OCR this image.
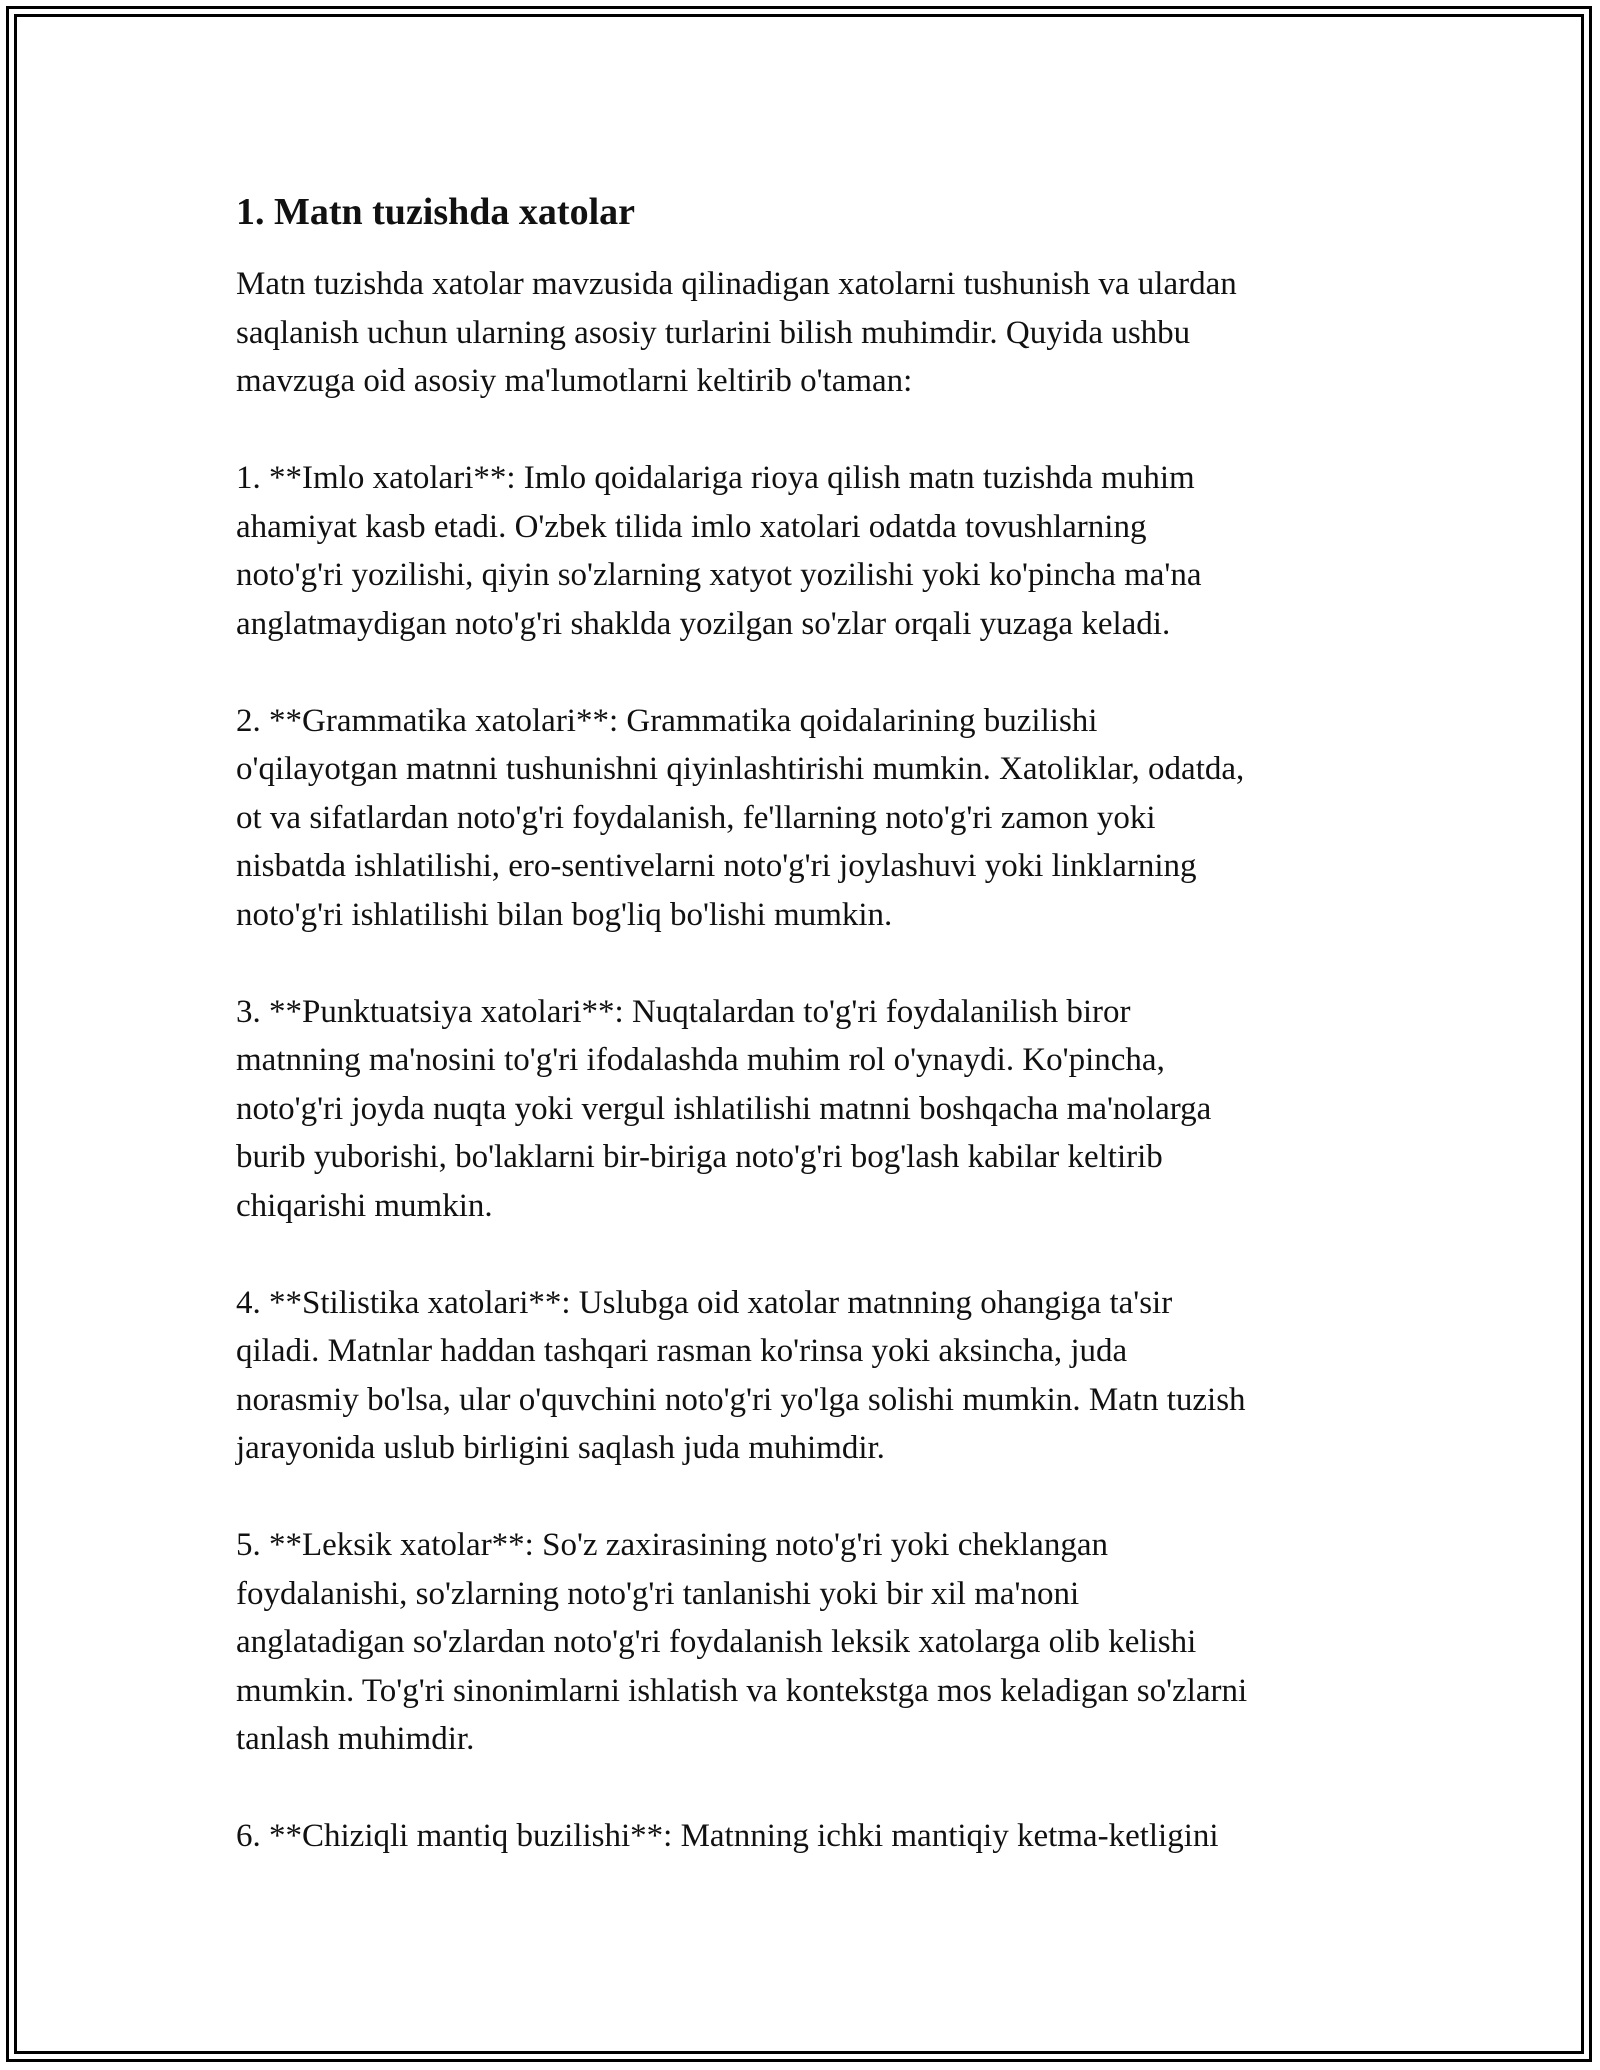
1. Matn tuzishda xatolar

Matn tuzishda xatolar mavzusida qilinadigan xatolarni tushunish va ulardan
saqlanish uchun ularning asosiy turlarini bilish muhimdir. Quyida ushbu
mavzuga oid asosiy ma'lumotlarni keltirib o'taman:

1. **Imlo xatolari**: Imlo qoidalariga rioya qilish matn tuzishda muhim
ahamiyat kasb etadi. O'zbek tilida imlo xatolari odatda tovushlarning
noto'g'ri yozilishi, qiyin so'zlarning xatyot yozilishi yoki ko'pincha ma'na
anglatmaydigan noto'g'ri shaklda yozilgan so'zlar orqali yuzaga keladi.

2. **Grammatika xatolari**: Grammatika qoidalarining buzilishi
o'qilayotgan matnni tushunishni qiyinlashtirishi mumkin. Xatoliklar, odatda,
ot va sifatlardan noto'g'ri foydalanish, fe'llarning noto'g'ri zamon yoki
nisbatda ishlatilishi, ero-sentivelarni noto'g'ri joylashuvi yoki linklarning
noto'g'ri ishlatilishi bilan bog'liq bo'lishi mumkin.

3. **Punktuatsiya xatolari**: Nuqtalardan to'g'ri foydalanilish biror
matnning ma'nosini to'g'ri ifodalashda muhim rol o'ynaydi. Ko'pincha,
noto'g'ri joyda nuqta yoki vergul ishlatilishi matnni boshqacha ma'nolarga
burib yuborishi, bo'laklarni bir-biriga noto'g'ri bog'lash kabilar keltirib
chiqarishi mumkin.

4. **Stilistika xatolari**: Uslubga oid xatolar matnning ohangiga ta'sir
qiladi. Matnlar haddan tashqari rasman ko'rinsa yoki aksincha, juda
norasmiy bo'lsa, ular o'quvchini noto'g'ri yo'lga solishi mumkin. Matn tuzish
jarayonida uslub birligini saqlash juda muhimdir.

5. **Leksik xatolar**: So'z zaxirasining noto'g'ri yoki cheklangan
foydalanishi, so'zlarning noto'g'ri tanlanishi yoki bir xil ma'noni
anglatadigan so'zlardan noto'g'ri foydalanish leksik xatolarga olib kelishi
mumkin. To'g'ri sinonimlarni ishlatish va kontekstga mos keladigan so'zlarni
tanlash muhimdir.

6. **Chiziqli mantiq buzilishi**: Matnning ichki mantiqiy ketma-ketligini
